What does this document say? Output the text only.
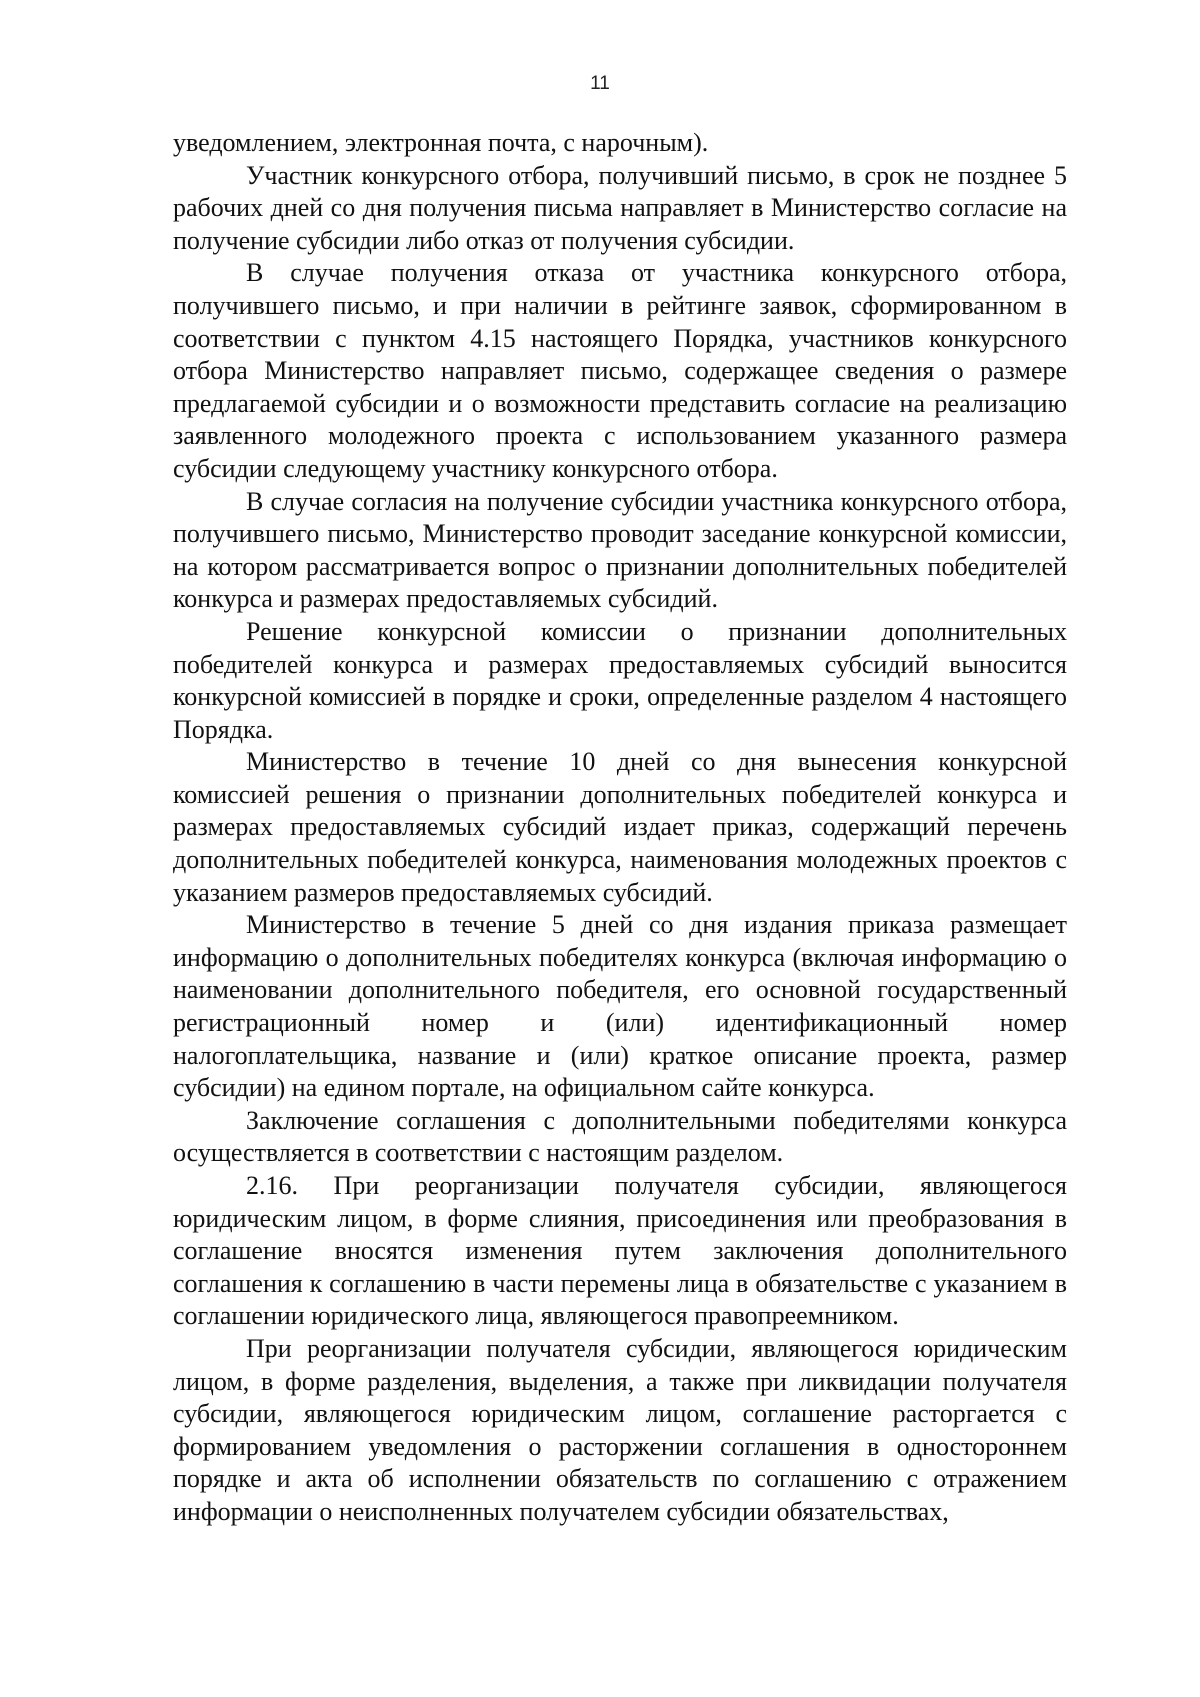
11

уведомлением, электронная почта, с нарочным).

Участник конкурсного отбора, получивший письмо, в срок не позднее 5 рабочих дней со дня получения письма направляет в Министерство согласие на получение субсидии либо отказ от получения субсидии.

В случае получения отказа от участника конкурсного отбора, получившего письмо, и при наличии в рейтинге заявок, сформированном в соответствии с пунктом 4.15 настоящего Порядка, участников конкурсного отбора Министерство направляет письмо, содержащее сведения о размере предлагаемой субсидии и о возможности представить согласие на реализацию заявленного молодежного проекта с использованием указанного размера субсидии следующему участнику конкурсного отбора.

В случае согласия на получение субсидии участника конкурсного отбора, получившего письмо, Министерство проводит заседание конкурсной комиссии, на котором рассматривается вопрос о признании дополнительных победителей конкурса и размерах предоставляемых субсидий.

Решение конкурсной комиссии о признании дополнительных победителей конкурса и размерах предоставляемых субсидий выносится конкурсной комиссией в порядке и сроки, определенные разделом 4 настоящего Порядка.

Министерство в течение 10 дней со дня вынесения конкурсной комиссией решения о признании дополнительных победителей конкурса и размерах предоставляемых субсидий издает приказ, содержащий перечень дополнительных победителей конкурса, наименования молодежных проектов с указанием размеров предоставляемых субсидий.

Министерство в течение 5 дней со дня издания приказа размещает информацию о дополнительных победителях конкурса (включая информацию о наименовании дополнительного победителя, его основной государственный регистрационный номер и (или) идентификационный номер налогоплательщика, название и (или) краткое описание проекта, размер субсидии) на едином портале, на официальном сайте конкурса.

Заключение соглашения с дополнительными победителями конкурса осуществляется в соответствии с настоящим разделом.

2.16. При реорганизации получателя субсидии, являющегося юридическим лицом, в форме слияния, присоединения или преобразования в соглашение вносятся изменения путем заключения дополнительного соглашения к соглашению в части перемены лица в обязательстве с указанием в соглашении юридического лица, являющегося правопреемником.

При реорганизации получателя субсидии, являющегося юридическим лицом, в форме разделения, выделения, а также при ликвидации получателя субсидии, являющегося юридическим лицом, соглашение расторгается с формированием уведомления о расторжении соглашения в одностороннем порядке и акта об исполнении обязательств по соглашению с отражением информации о неисполненных получателем субсидии обязательствах,
